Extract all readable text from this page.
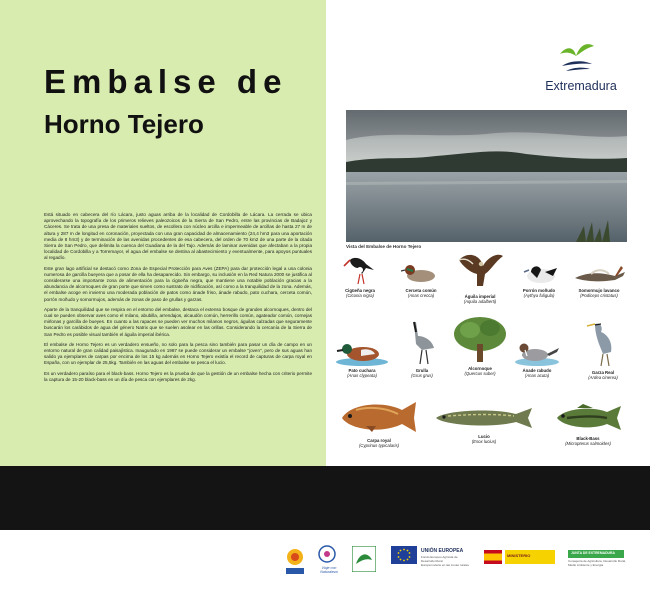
Embalse de
Horno Tejero

Está situado en cabecera del río Lácara, justo aguas arriba de la localidad de Cordobilla de Lácara. La cerrada se ubica aprovechando la topografía de los primeros relieves paleozoicos de la Sierra de San Pedro, entre las provincias de Badajoz y Cáceres. Se trata de una presa de materiales sueltos, de escollera con núcleo arcilla e impermeable de arcillas de hasta 27 m de altura y 287 m de longitud en coronación, proyectada con una gran capacidad de almacenamiento (24,4 hm3 para una aportación media de 8 hm3) y de terminación de las avenidas procedentes de esa cabecera, del orden de 70 km2 de una parte de la citada Sierra de San Pedro, que delimita la cuenca del Guadiana de la del Tajo. Además de laminar avenidas que afectaban a la propia localidad de Cordobilla y a Torremayor, el agua del embalse se destina al abastecimiento y eventualmente, para apoyos puntuales al regadío.

Este gran lago artificial se destacó como Zona de Especial Protección para Aves (ZEPA) para dar protección legal a una colonia numerosa de garcilla bueyera que a posar de ella ha desaparecido. Sin embargo, su inclusión en la Red Natura 2000 se justifica al considerarse una importante zona de alimentación para la cigüeña negra, que mantiene una notable población gracias a la abundancia de alcornoques de gran porte que sirven como sustrato de nidificación, así como a la tranquilidad de la zona. Además, el embalse acoge en invierno una moderada población de patos como ánade friso, ánade rabudo, pato cuchara, cerceta común, porrón moñudo y somormujos, además de zonas de paso de grullas y garzas.

Aparte de la tranquilidad que se respira en el entorno del embalse, destaca el extenso bosque de grandes alcornoques, dentro del cual se pueden observar aves como el milano, abubilla, arrendajos, alcaudón común, herrerillo común, agateador común, cornejas mirlonas y garcilla de bueyes. En cuanto a las rapaces se pueden ver muchos milanos negros, águilas calzadas que seguramente buscarán los carábidos de agua del género Natrix que se suelen asolear en las orillas. Considerando la cercanía de la Sierra de San Pedro es posible visual también el águila imperial ibérica.

El embalse de Horno Tejero es un verdadero ensueño, no solo para la pesca sino también para pasar un día de campo en un entorno natural de gran calidad paisajística. Inaugurado en 1987 se puede considerar un embalse "joven", pero de sus aguas han salido ya ejemplares de carpas por encima de los 15 kg además en Horno Tejero existía el record de capturas de carpa royal en España, con un ejemplar de 25,5kg. También en las aguas del embalse se pesca el lucio.

Es un verdadero paraíso para el black-bass. Horno Tejero es la prueba de que la gestión de un embalse hecha con criterio permite la captura de 15-20 black-bass en un día de pesca con ejemplares de 2kg.

Extremadura
Vista del Embalse de Horno Tejero
Cigüeña negra
(Ciconia nigra)
Cerceta común
(Anas crecca)	Águila imperial
(Aquila adalberti)
Porrón moñudo
(Aythya fuligula)
Somormujo lavanco
(Podiceps cristatus)
Pato cuchara
(Anas clypeata)
Grulla
(Grus grus)
Alcornoque
(Quercus suber)
Ánade rabudo
(Anas acuta)
Garza Real
(Ardea cinerea)
Carpa royal
(Cyprinus typicalaris)
Lucio
(Esox lucius)
Black-Bass
(Micropterus salmoides)
Viaje con Naturaleza
UNIÓN EUROPEA
Fondo Europeo Agrícola de Desarrollo Rural
Europa invierte en las zonas rurales
MINISTERIO	JUNTA DE EXTREMADURA
Consejería de Agricultura, Desarrollo Rural, Medio Ambiente y Energía
